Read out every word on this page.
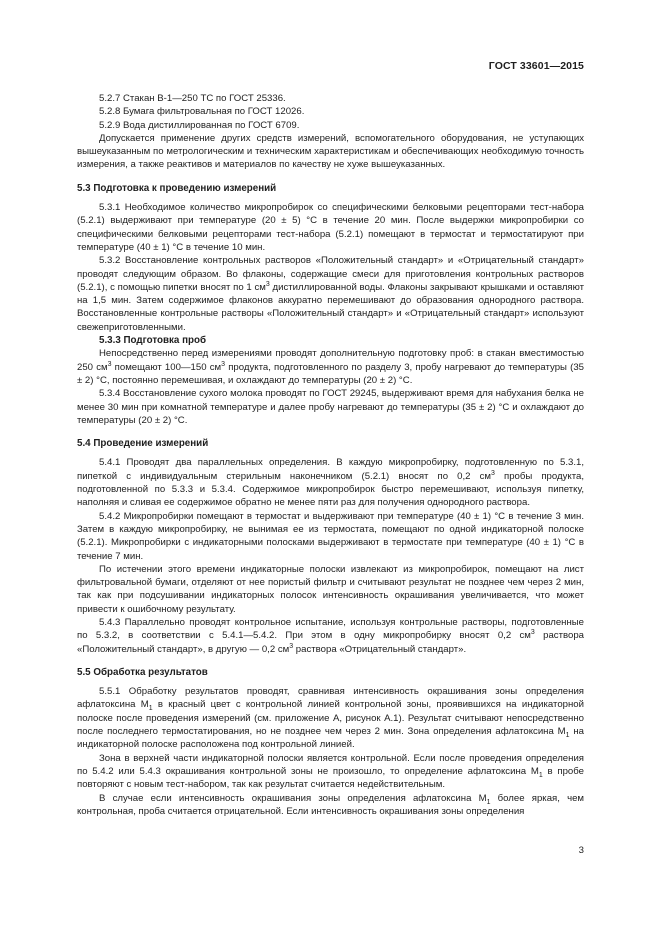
ГОСТ 33601—2015

5.2.7 Стакан В-1—250 ТС по ГОСТ 25336.

5.2.8 Бумага фильтровальная по ГОСТ 12026.

5.2.9 Вода дистиллированная по ГОСТ 6709.

Допускается применение других средств измерений, вспомогательного оборудования, не уступающих вышеуказанным по метрологическим и техническим характеристикам и обеспечивающих необходимую точность измерения, а также реактивов и материалов по качеству не хуже вышеуказанных.

5.3 Подготовка к проведению измерений

5.3.1 Необходимое количество микропробирок со специфическими белковыми рецепторами тест-набора (5.2.1) выдерживают при температуре (20 ± 5) °С в течение 20 мин. После выдержки микропробирки со специфическими белковыми рецепторами тест-набора (5.2.1) помещают в термостат и термостатируют при температуре (40 ± 1) °С в течение 10 мин.

5.3.2 Восстановление контрольных растворов «Положительный стандарт» и «Отрицательный стандарт» проводят следующим образом. Во флаконы, содержащие смеси для приготовления контрольных растворов (5.2.1), с помощью пипетки вносят по 1 $см^3$ дистиллированной воды. Флаконы закрывают крышками и оставляют на 1,5 мин. Затем содержимое флаконов аккуратно перемешивают до образования однородного раствора. Восстановленные контрольные растворы «Положительный стандарт» и «Отрицательный стандарт» используют свежеприготовленными.

5.3.3 Подготовка проб

Непосредственно перед измерениями проводят дополнительную подготовку проб: в стакан вместимостью 250 $см^3$ помещают 100—150 $см^3$ продукта, подготовленного по разделу 3, пробу нагревают до температуры (35 ± 2) °С, постоянно перемешивая, и охлаждают до температуры (20 ± 2) °С.

5.3.4 Восстановление сухого молока проводят по ГОСТ 29245, выдерживают время для набухания белка не менее 30 мин при комнатной температуре и далее пробу нагревают до температуры (35 ± 2) °С и охлаждают до температуры (20 ± 2) °С.

5.4 Проведение измерений

5.4.1 Проводят два параллельных определения. В каждую микропробирку, подготовленную по 5.3.1, пипеткой с индивидуальным стерильным наконечником (5.2.1) вносят по 0,2 $см^3$ пробы продукта, подготовленной по 5.3.3 и 5.3.4. Содержимое микропробирок быстро перемешивают, используя пипетку, наполняя и сливая ее содержимое обратно не менее пяти раз для получения однородного раствора.

5.4.2 Микропробирки помещают в термостат и выдерживают при температуре (40 ± 1) °С в течение 3 мин. Затем в каждую микропробирку, не вынимая ее из термостата, помещают по одной индикаторной полоске (5.2.1). Микропробирки с индикаторными полосками выдерживают в термостате при температуре (40 ± 1) °С в течение 7 мин.

По истечении этого времени индикаторные полоски извлекают из микропробирок, помещают на лист фильтровальной бумаги, отделяют от нее пористый фильтр и считывают результат не позднее чем через 2 мин, так как при подсушивании индикаторных полосок интенсивность окрашивания увеличивается, что может привести к ошибочному результату.

5.4.3 Параллельно проводят контрольное испытание, используя контрольные растворы, подготовленные по 5.3.2, в соответствии с 5.4.1—5.4.2. При этом в одну микропробирку вносят 0,2 $см^3$ раствора «Положительный стандарт», в другую — 0,2 $см^3$ раствора «Отрицательный стандарт».

5.5 Обработка результатов

5.5.1 Обработку результатов проводят, сравнивая интенсивность окрашивания зоны определения афлатоксина $М_1$ в красный цвет с контрольной линией контрольной зоны, проявившихся на индикаторной полоске после проведения измерений (см. приложение А, рисунок А.1). Результат считывают непосредственно после последнего термостатирования, но не позднее чем через 2 мин. Зона определения афлатоксина $М_1$ на индикаторной полоске расположена под контрольной линией.

Зона в верхней части индикаторной полоски является контрольной. Если после проведения определения по 5.4.2 или 5.4.3 окрашивания контрольной зоны не произошло, то определение афлатоксина $М_1$ в пробе повторяют с новым тест-набором, так как результат считается недействительным.

В случае если интенсивность окрашивания зоны определения афлатоксина $М_1$ более яркая, чем контрольная, проба считается отрицательной. Если интенсивность окрашивания зоны определения

3
